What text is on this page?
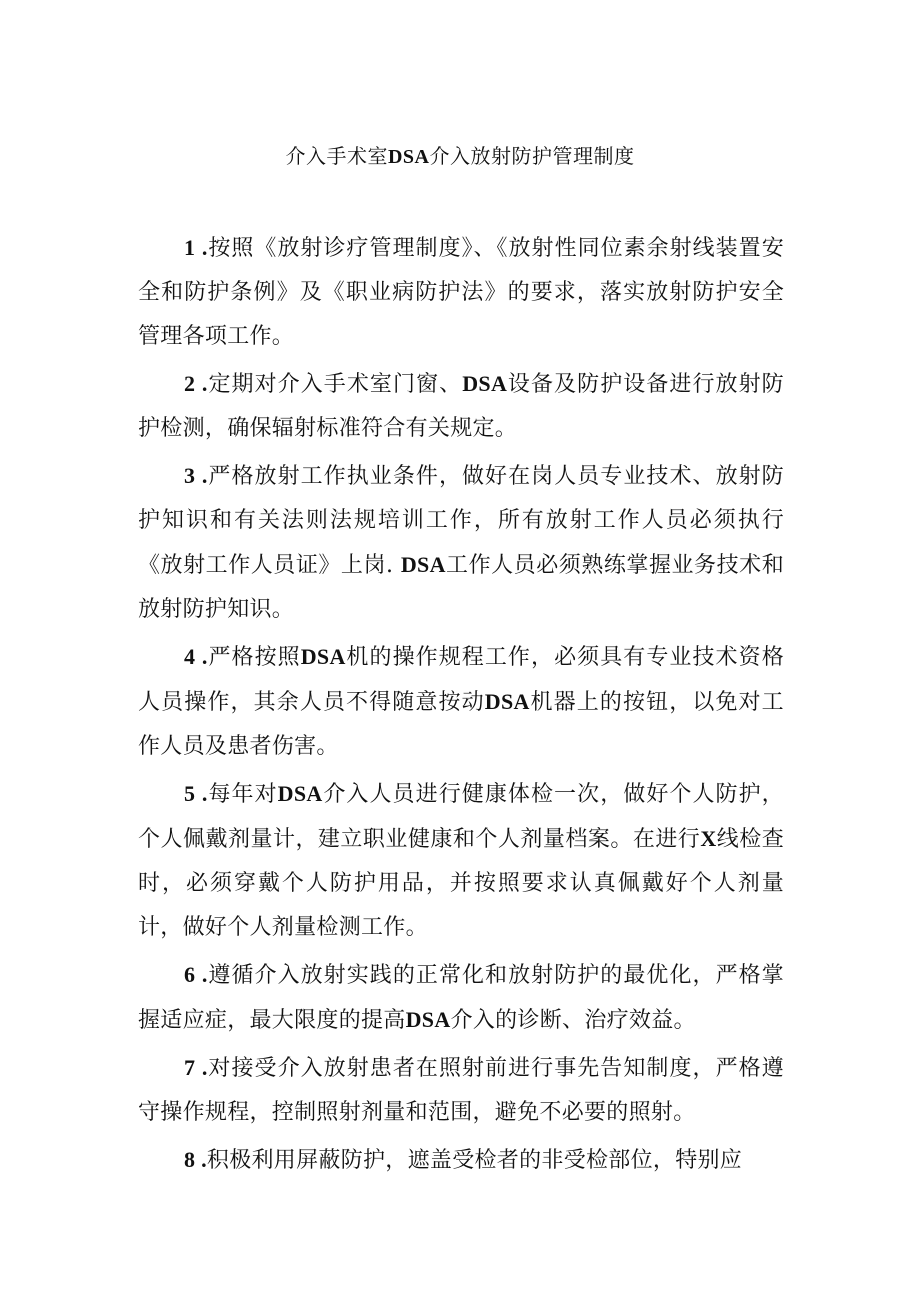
介入手术室DSA介入放射防护管理制度

1 .按照《放射诊疗管理制度》、《放射性同位素余射线装置安全和防护条例》及《职业病防护法》的要求，落实放射防护安全管理各项工作。

2 .定期对介入手术室门窗、DSA设备及防护设备进行放射防护检测，确保辐射标准符合有关规定。

3 .严格放射工作执业条件，做好在岗人员专业技术、放射防护知识和有关法则法规培训工作，所有放射工作人员必须执行《放射工作人员证》上岗. DSA工作人员必须熟练掌握业务技术和放射防护知识。

4 .严格按照DSA机的操作规程工作，必须具有专业技术资格人员操作，其余人员不得随意按动DSA机器上的按钮，以免对工作人员及患者伤害。

5 .每年对DSA介入人员进行健康体检一次，做好个人防护，个人佩戴剂量计，建立职业健康和个人剂量档案。在进行X线检查时，必须穿戴个人防护用品，并按照要求认真佩戴好个人剂量计，做好个人剂量检测工作。

6 .遵循介入放射实践的正常化和放射防护的最优化，严格掌握适应症，最大限度的提高DSA介入的诊断、治疗效益。

7 .对接受介入放射患者在照射前进行事先告知制度，严格遵守操作规程，控制照射剂量和范围，避免不必要的照射。

8 .积极利用屏蔽防护，遮盖受检者的非受检部位，特别应
